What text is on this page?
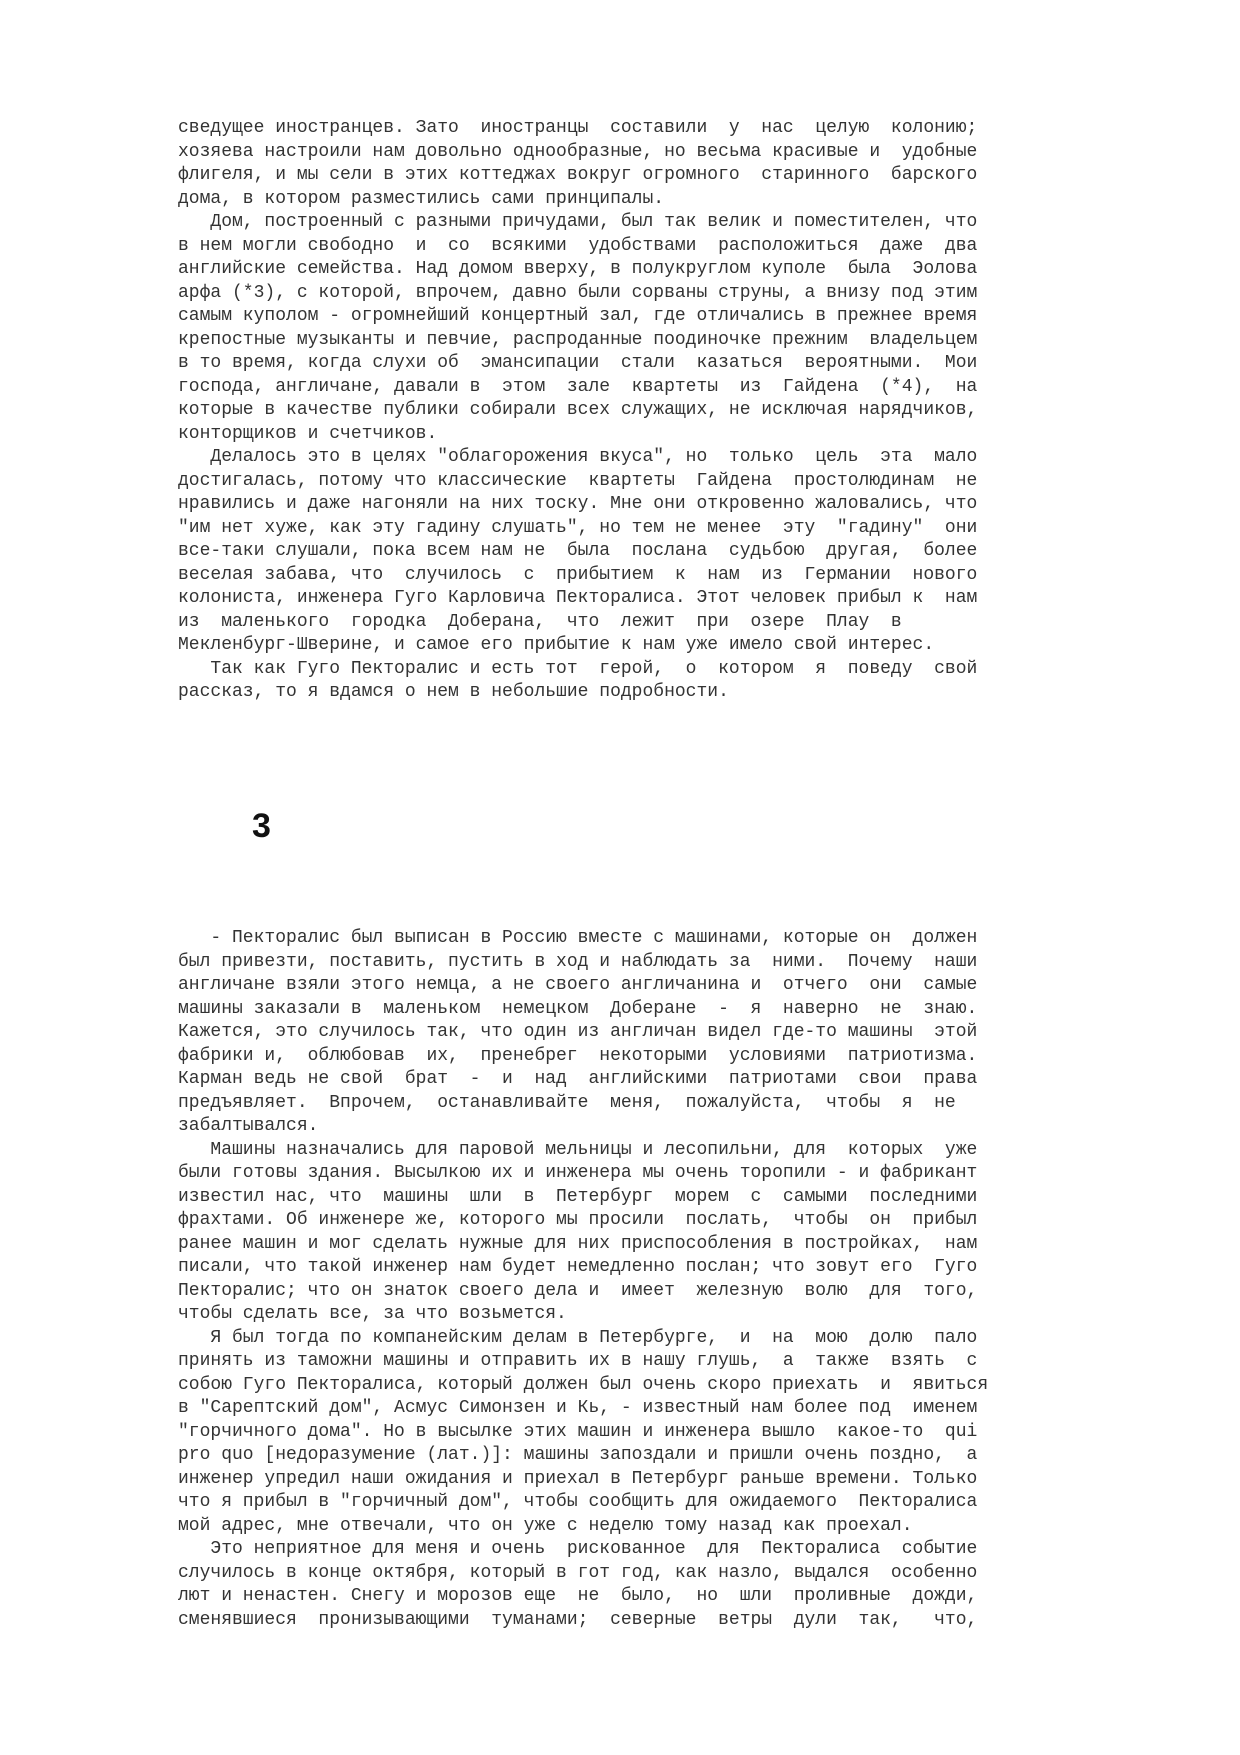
сведущее иностранцев. Зато  иностранцы  составили  у  нас  целую  колонию;
хозяева настроили нам довольно однообразные, но весьма красивые и  удобные
флигеля, и мы сели в этих коттеджах вокруг огромного  старинного  барского
дома, в котором разместились сами принципалы.
Дом, построенный с разными причудами, был так велик и поместителен, что
в нем могли свободно  и  со  всякими  удобствами  расположиться  даже  два
английские семейства. Над домом вверху, в полукруглом куполе  была  Эолова
арфа (*3), с которой, впрочем, давно были сорваны струны, а внизу под этим
самым куполом - огромнейший концертный зал, где отличались в прежнее время
крепостные музыканты и певчие, распроданные поодиночке прежним  владельцем
в то время, когда слухи об  эмансипации  стали  казаться  вероятными.  Мои
господа, англичане, давали в  этом  зале  квартеты  из  Гайдена  (*4),  на
которые в качестве публики собирали всех служащих, не исключая нарядчиков,
конторщиков и счетчиков.
Делалось это в целях "облагорожения вкуса", но  только  цель  эта  мало
достигалась, потому что классические  квартеты  Гайдена  простолюдинам  не
нравились и даже нагоняли на них тоску. Мне они откровенно жаловались, что
"им нет хуже, как эту гадину слушать", но тем не менее  эту  "гадину"  они
все-таки слушали, пока всем нам не  была  послана  судьбою  другая,  более
веселая забава, что  случилось  с  прибытием  к  нам  из  Германии  нового
колониста, инженера Гуго Карловича Пекторалиса. Этот человек прибыл к  нам
из  маленького  городка  Доберана,  что  лежит  при  озере  Плау  в
Мекленбург-Шверине, и самое его прибытие к нам уже имело свой интерес.
Так как Гуго Пекторалис и есть тот  герой,  о  котором  я  поведу  свой
рассказ, то я вдамся о нем в небольшие подробности.
3
- Пекторалис был выписан в Россию вместе с машинами, которые он  должен
был привезти, поставить, пустить в ход и наблюдать за  ними.  Почему  наши
англичане взяли этого немца, а не своего англичанина и  отчего  они  самые
машины заказали в  маленьком  немецком  Доберане  -  я  наверно  не  знаю.
Кажется, это случилось так, что один из англичан видел где-то машины  этой
фабрики и,  облюбовав  их,  пренебрег  некоторыми  условиями  патриотизма.
Карман ведь не свой  брат  -  и  над  английскими  патриотами  свои  права
предъявляет.  Впрочем,  останавливайте  меня,  пожалуйста,  чтобы  я  не
забалтывался.
Машины назначались для паровой мельницы и лесопильни, для  которых  уже
были готовы здания. Высылкою их и инженера мы очень торопили - и фабрикант
известил нас, что  машины  шли  в  Петербург  морем  с  самыми  последними
фрахтами. Об инженере же, которого мы просили  послать,  чтобы  он  прибыл
ранее машин и мог сделать нужные для них приспособления в постройках,  нам
писали, что такой инженер нам будет немедленно послан; что зовут его  Гуго
Пекторалис; что он знаток своего дела и  имеет  железную  волю  для  того,
чтобы сделать все, за что возьмется.
Я был тогда по компанейским делам в Петербурге,  и  на  мою  долю  пало
принять из таможни машины и отправить их в нашу глушь,  а  также  взять  с
собою Гуго Пекторалиса, который должен был очень скоро приехать  и  явиться
в "Сарептский дом", Асмус Симонзен и Кь, - известный нам более под  именем
"горчичного дома". Но в высылке этих машин и инженера вышло  какое-то  qui
pro quo [недоразумение (лат.)]: машины запоздали и пришли очень поздно,  а
инженер упредил наши ожидания и приехал в Петербург раньше времени. Только
что я прибыл в "горчичный дом", чтобы сообщить для ожидаемого  Пекторалиса
мой адрес, мне отвечали, что он уже с неделю тому назад как проехал.
Это неприятное для меня и очень  рискованное  для  Пекторалиса  событие
случилось в конце октября, который в гот год, как назло, выдался  особенно
лют и ненастен. Снегу и морозов еще  не  было,  но  шли  проливные  дожди,
сменявшиеся  пронизывающими  туманами;  северные  ветры  дули  так,   что,
